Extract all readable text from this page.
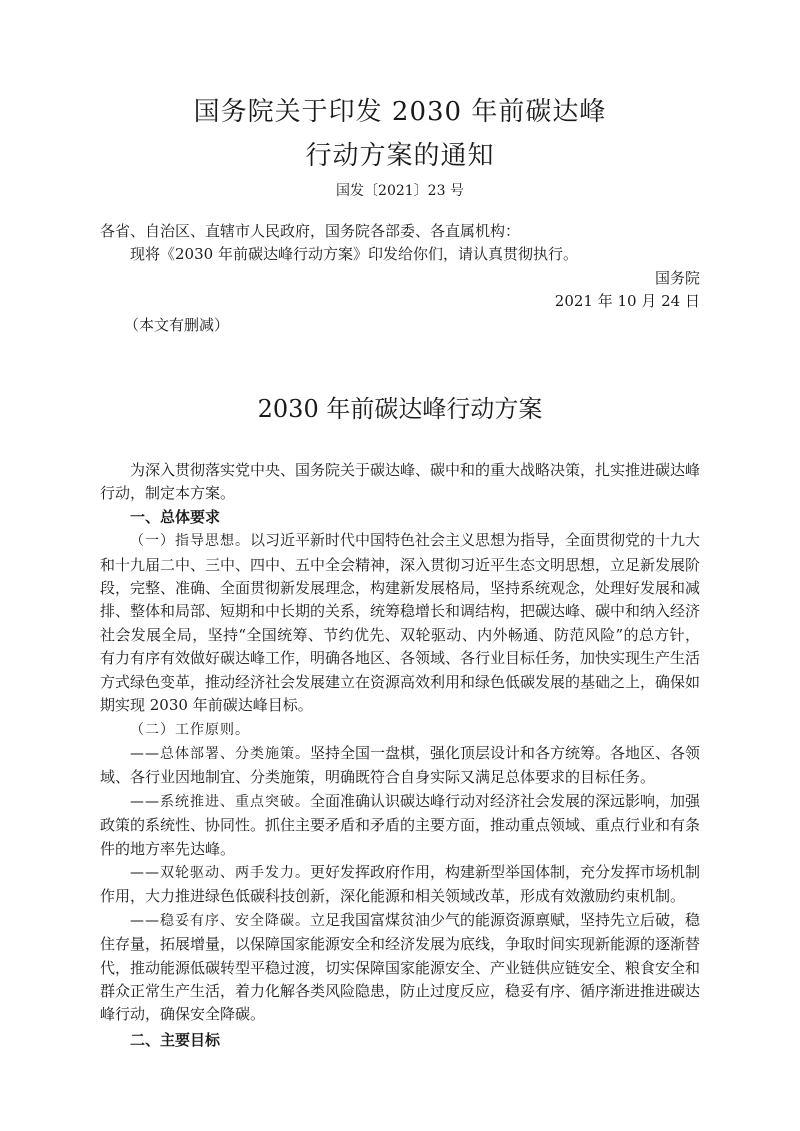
国务院关于印发 2030 年前碳达峰
行动方案的通知
国发〔2021〕23 号

各省、自治区、直辖市人民政府，国务院各部委、各直属机构：

现将《2030 年前碳达峰行动方案》印发给你们，请认真贯彻执行。

国务院
2021 年 10 月 24 日
（本文有删减）
2030 年前碳达峰行动方案

为深入贯彻落实党中央、国务院关于碳达峰、碳中和的重大战略决策，扎实推进碳达峰行动，制定本方案。

一、总体要求

（一）指导思想。以习近平新时代中国特色社会主义思想为指导，全面贯彻党的十九大和十九届二中、三中、四中、五中全会精神，深入贯彻习近平生态文明思想，立足新发展阶段，完整、准确、全面贯彻新发展理念，构建新发展格局，坚持系统观念，处理好发展和减排、整体和局部、短期和中长期的关系，统筹稳增长和调结构，把碳达峰、碳中和纳入经济社会发展全局，坚持“全国统筹、节约优先、双轮驱动、内外畅通、防范风险”的总方针，有力有序有效做好碳达峰工作，明确各地区、各领域、各行业目标任务，加快实现生产生活方式绿色变革，推动经济社会发展建立在资源高效利用和绿色低碳发展的基础之上，确保如期实现 2030 年前碳达峰目标。

（二）工作原则。

——总体部署、分类施策。坚持全国一盘棋，强化顶层设计和各方统筹。各地区、各领域、各行业因地制宜、分类施策，明确既符合自身实际又满足总体要求的目标任务。

——系统推进、重点突破。全面准确认识碳达峰行动对经济社会发展的深远影响，加强政策的系统性、协同性。抓住主要矛盾和矛盾的主要方面，推动重点领域、重点行业和有条件的地方率先达峰。

——双轮驱动、两手发力。更好发挥政府作用，构建新型举国体制，充分发挥市场机制作用，大力推进绿色低碳科技创新，深化能源和相关领域改革，形成有效激励约束机制。

——稳妥有序、安全降碳。立足我国富煤贫油少气的能源资源禀赋，坚持先立后破，稳住存量，拓展增量，以保障国家能源安全和经济发展为底线，争取时间实现新能源的逐渐替代，推动能源低碳转型平稳过渡，切实保障国家能源安全、产业链供应链安全、粮食安全和群众正常生产生活，着力化解各类风险隐患，防止过度反应，稳妥有序、循序渐进推进碳达峰行动，确保安全降碳。

二、主要目标
